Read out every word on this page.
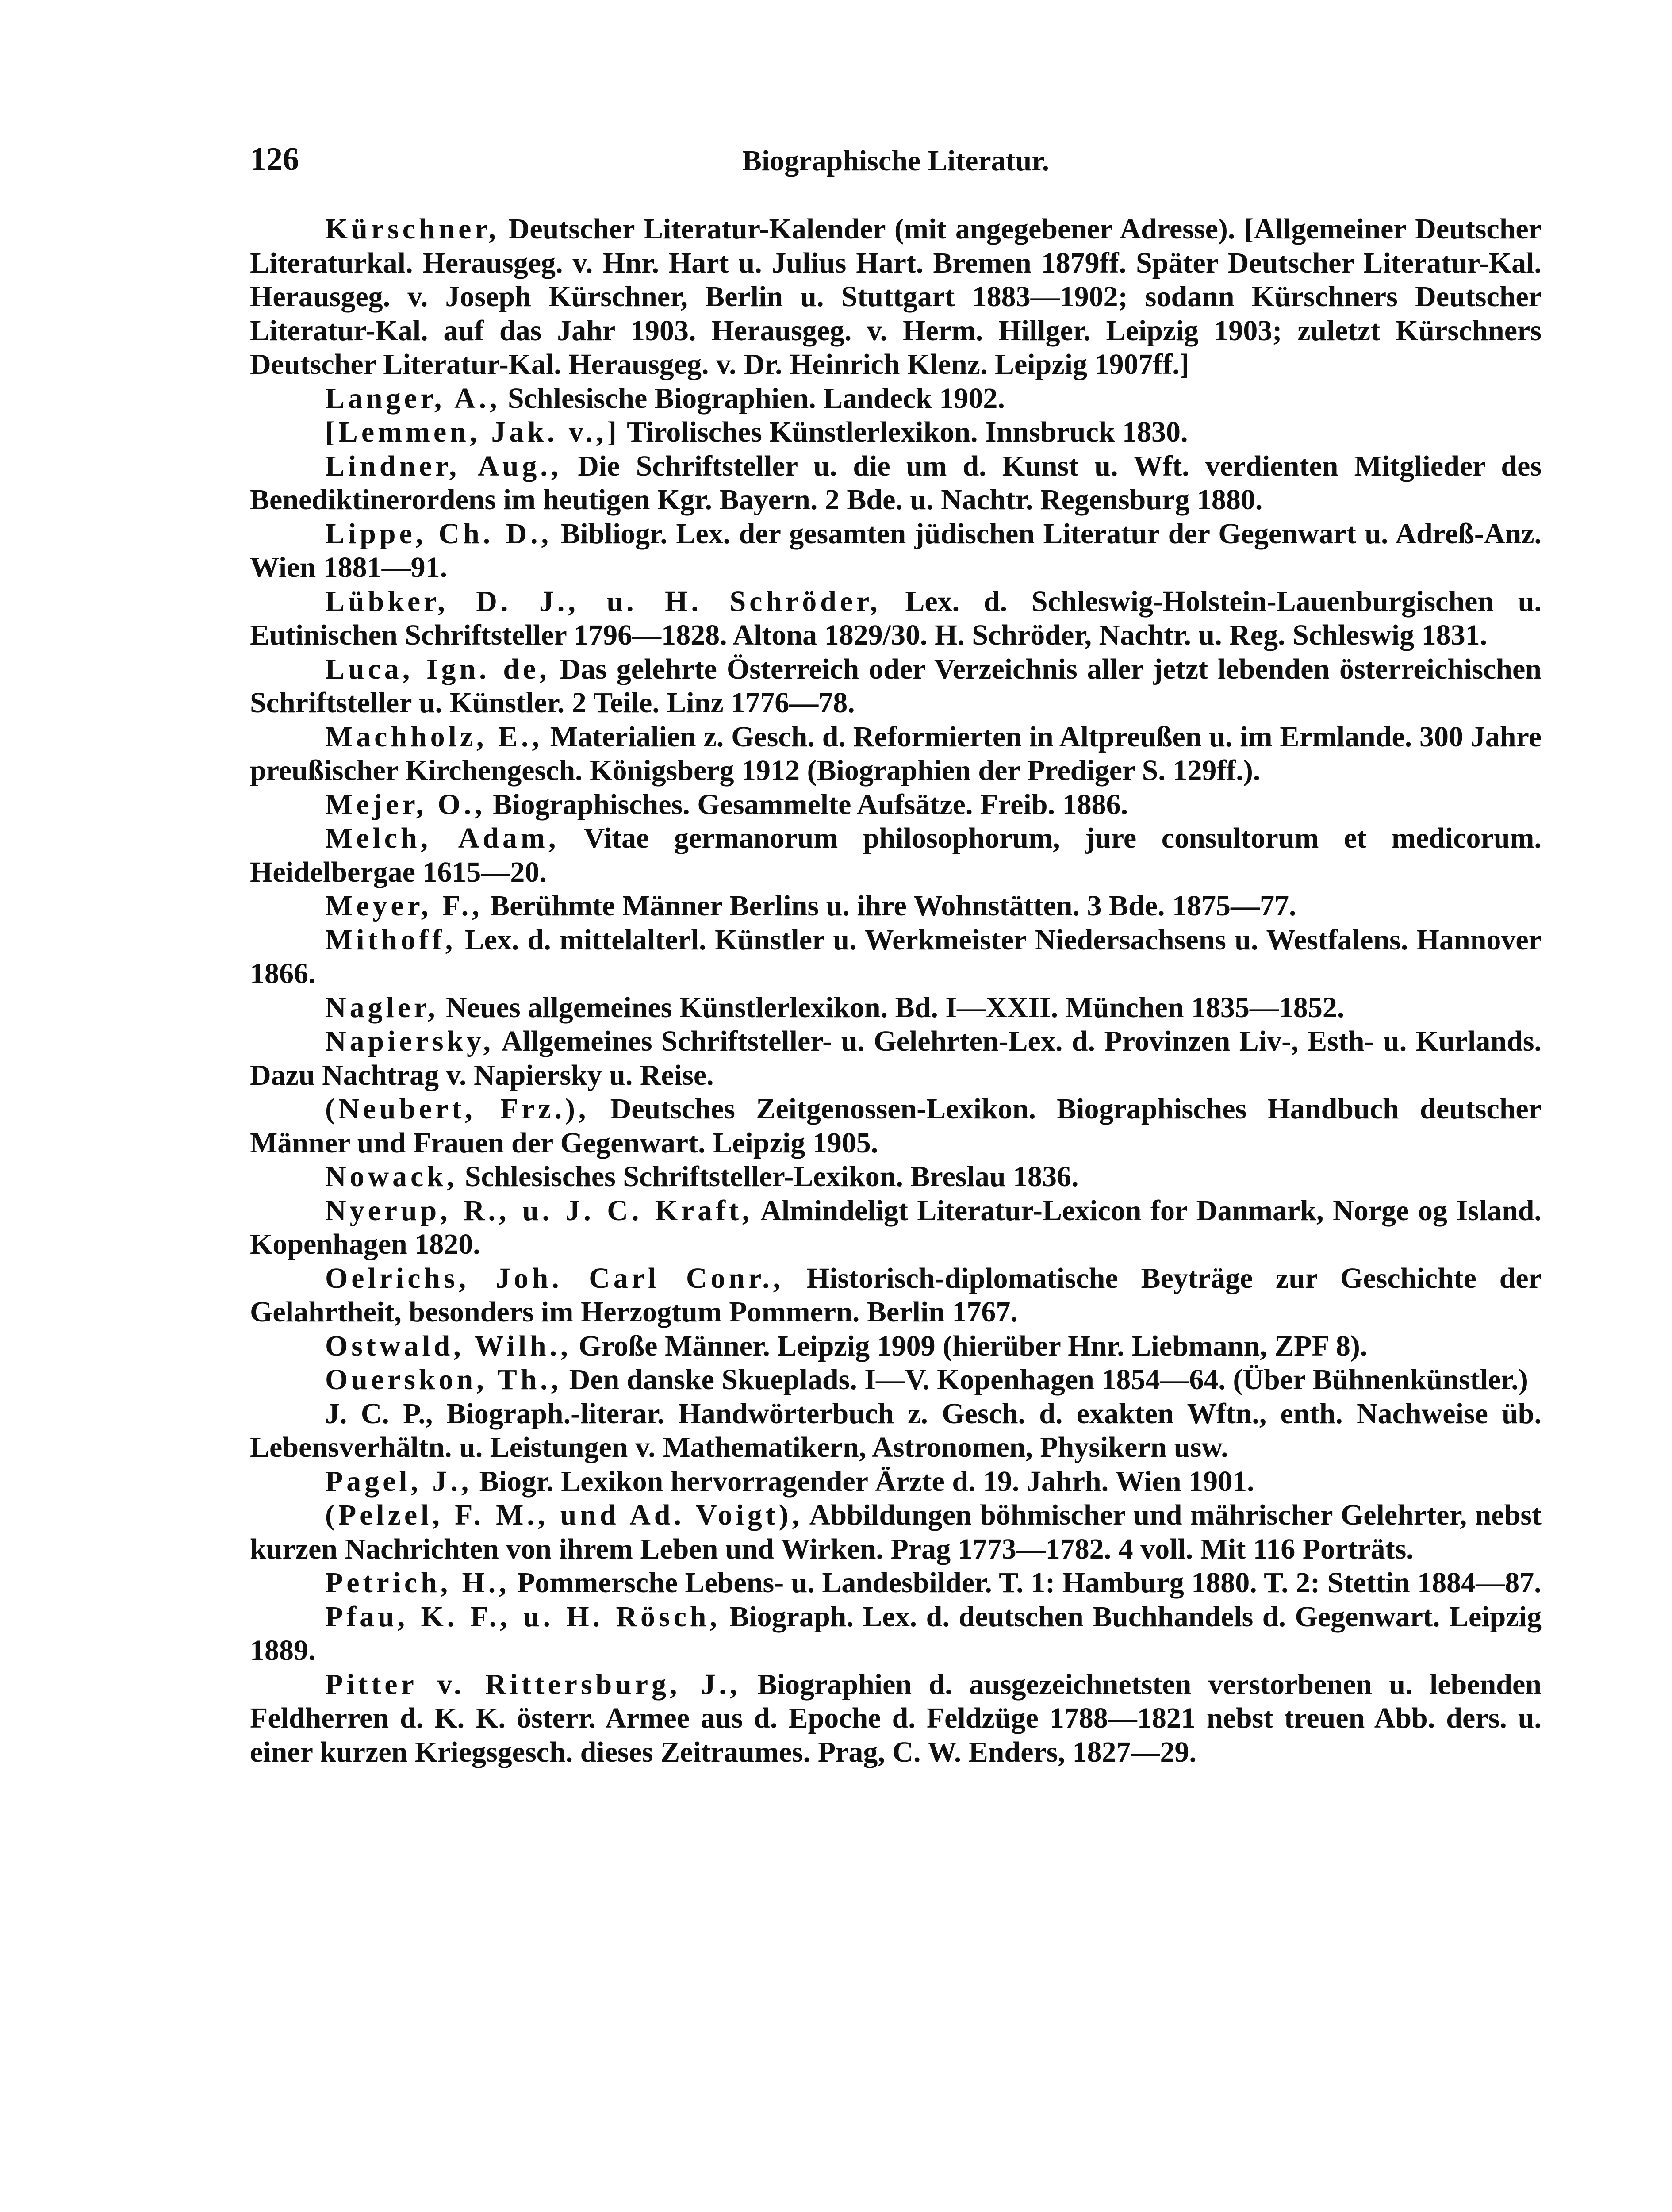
126	Biographische Literatur.

Kürschner, Deutscher Literatur-Kalender (mit angegebener Adresse). [Allgemeiner Deutscher Literaturkal. Herausgeg. v. Hnr. Hart u. Julius Hart. Bremen 1879ff. Später Deutscher Literatur-Kal. Herausgeg. v. Joseph Kürschner, Berlin u. Stuttgart 1883—1902; sodann Kürschners Deutscher Literatur-Kal. auf das Jahr 1903. Herausgeg. v. Herm. Hillger. Leipzig 1903; zuletzt Kürschners Deutscher Literatur-Kal. Herausgeg. v. Dr. Heinrich Klenz. Leipzig 1907ff.]

Langer, A., Schlesische Biographien. Landeck 1902.

[Lemmen, Jak. v.,] Tirolisches Künstlerlexikon. Innsbruck 1830.

Lindner, Aug., Die Schriftsteller u. die um d. Kunst u. Wft. verdienten Mitglieder des Benediktinerordens im heutigen Kgr. Bayern. 2 Bde. u. Nachtr. Regensburg 1880.

Lippe, Ch. D., Bibliogr. Lex. der gesamten jüdischen Literatur der Gegenwart u. Adreß-Anz. Wien 1881—91.

Lübker, D. J., u. H. Schröder, Lex. d. Schleswig-Holstein-Lauenburgischen u. Eutinischen Schriftsteller 1796—1828. Altona 1829/30. H. Schröder, Nachtr. u. Reg. Schleswig 1831.

Luca, Ign. de, Das gelehrte Österreich oder Verzeichnis aller jetzt lebenden österreichischen Schriftsteller u. Künstler. 2 Teile. Linz 1776—78.

Machholz, E., Materialien z. Gesch. d. Reformierten in Altpreußen u. im Ermlande. 300 Jahre preußischer Kirchengesch. Königsberg 1912 (Biographien der Prediger S. 129ff.).

Mejer, O., Biographisches. Gesammelte Aufsätze. Freib. 1886.

Melch, Adam, Vitae germanorum philosophorum, jure consultorum et medicorum. Heidelbergae 1615—20.

Meyer, F., Berühmte Männer Berlins u. ihre Wohnstätten. 3 Bde. 1875—77.

Mithoff, Lex. d. mittelalterl. Künstler u. Werkmeister Niedersachsens u. Westfalens. Hannover 1866.

Nagler, Neues allgemeines Künstlerlexikon. Bd. I—XXII. München 1835—1852.

Napiersky, Allgemeines Schriftsteller- u. Gelehrten-Lex. d. Provinzen Liv-, Esth- u. Kurlands. Dazu Nachtrag v. Napiersky u. Reise.

(Neubert, Frz.), Deutsches Zeitgenossen-Lexikon. Biographisches Handbuch deutscher Männer und Frauen der Gegenwart. Leipzig 1905.

Nowack, Schlesisches Schriftsteller-Lexikon. Breslau 1836.

Nyerup, R., u. J. C. Kraft, Almindeligt Literatur-Lexicon for Danmark, Norge og Island. Kopenhagen 1820.

Oelrichs, Joh. Carl Conr., Historisch-diplomatische Beyträge zur Geschichte der Gelahrtheit, besonders im Herzogtum Pommern. Berlin 1767.

Ostwald, Wilh., Große Männer. Leipzig 1909 (hierüber Hnr. Liebmann, ZPF 8).

Ouerskon, Th., Den danske Skueplads. I—V. Kopenhagen 1854—64. (Über Bühnenkünstler.)

J. C. P., Biograph.-literar. Handwörterbuch z. Gesch. d. exakten Wftn., enth. Nachweise üb. Lebensverhältn. u. Leistungen v. Mathematikern, Astronomen, Physikern usw.

Pagel, J., Biogr. Lexikon hervorragender Ärzte d. 19. Jahrh. Wien 1901.

(Pelzel, F. M., und Ad. Voigt), Abbildungen böhmischer und mährischer Gelehrter, nebst kurzen Nachrichten von ihrem Leben und Wirken. Prag 1773—1782. 4 voll. Mit 116 Porträts.

Petrich, H., Pommersche Lebens- u. Landesbilder. T. 1: Hamburg 1880. T. 2: Stettin 1884—87.

Pfau, K. F., u. H. Rösch, Biograph. Lex. d. deutschen Buchhandels d. Gegenwart. Leipzig 1889.

Pitter v. Rittersburg, J., Biographien d. ausgezeichnetsten verstorbenen u. lebenden Feldherren d. K. K. österr. Armee aus d. Epoche d. Feldzüge 1788—1821 nebst treuen Abb. ders. u. einer kurzen Kriegsgesch. dieses Zeitraumes. Prag, C. W. Enders, 1827—29.
